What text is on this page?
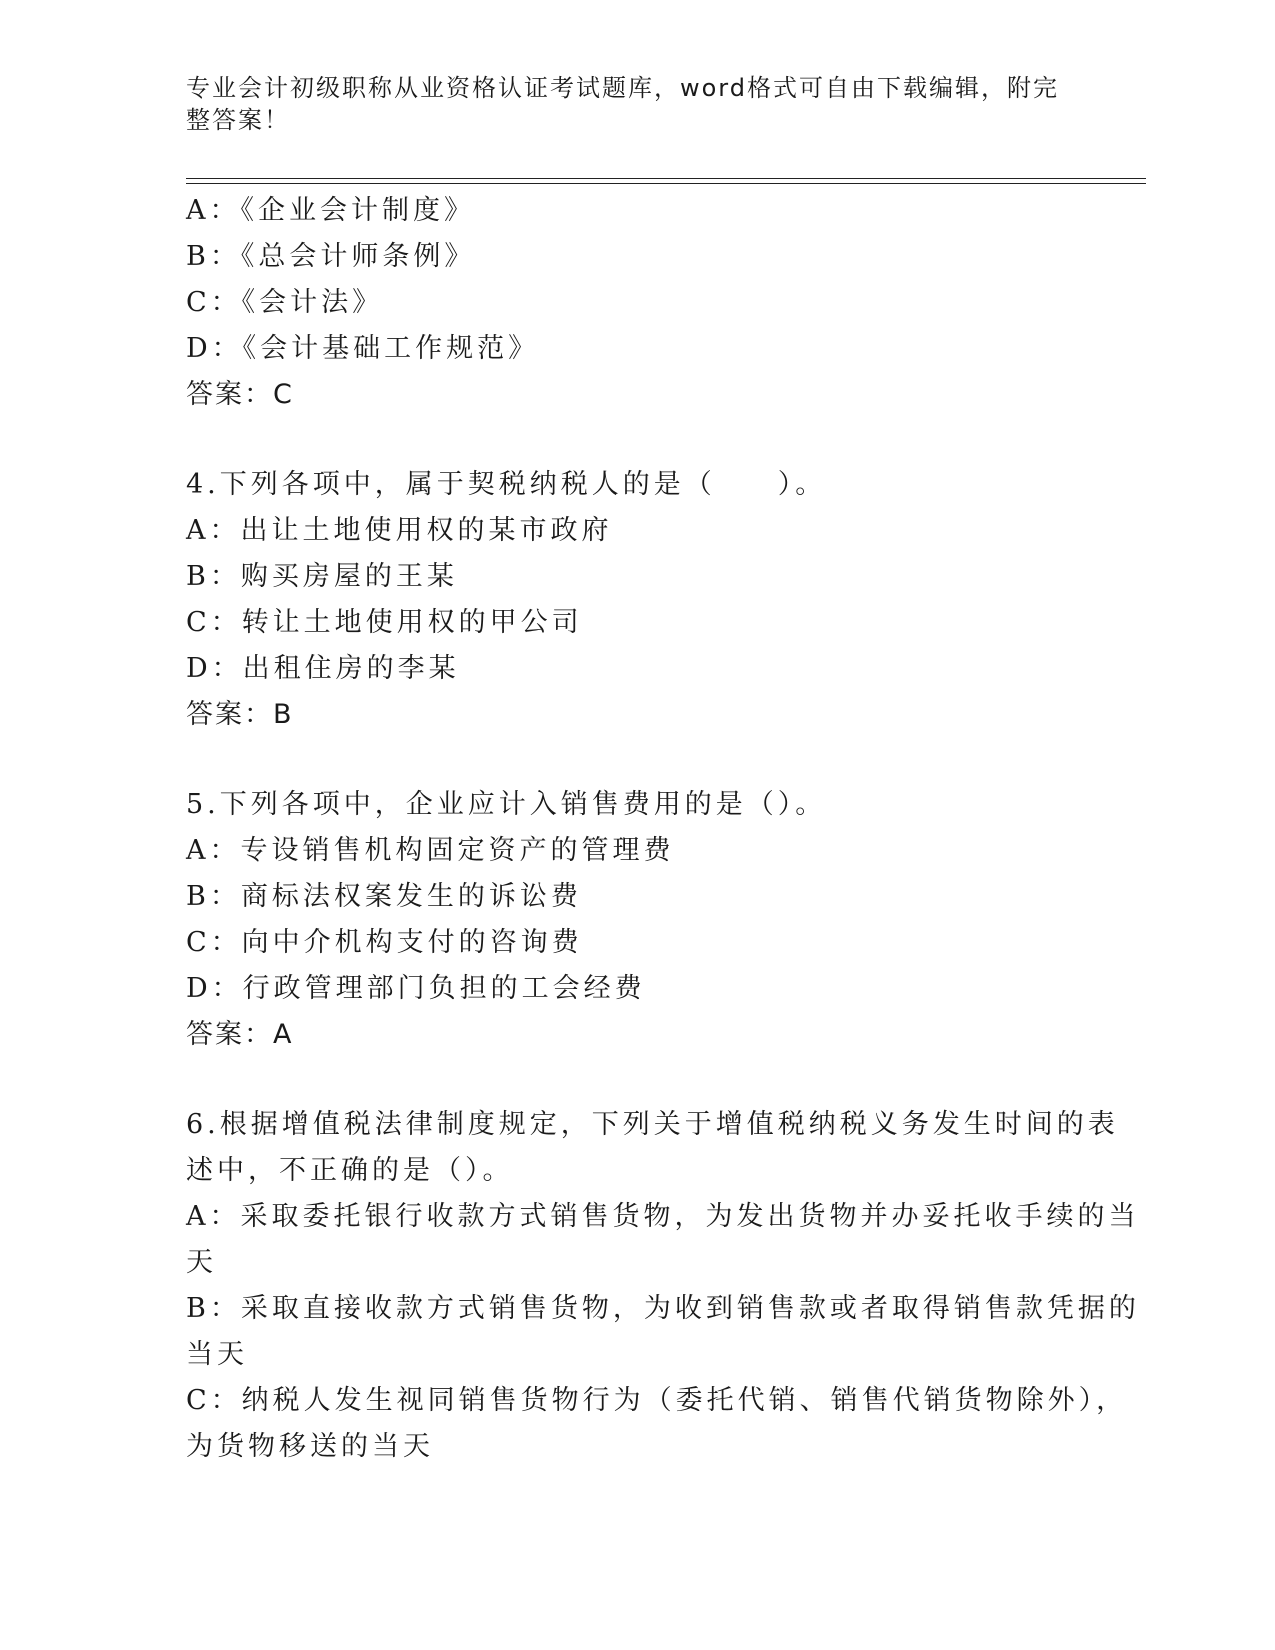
专业会计初级职称从业资格认证考试题库，word格式可自由下载编辑，附完整答案！
A：《企业会计制度》
B：《总会计师条例》
C：《会计法》
D：《会计基础工作规范》
答案：C
4.下列各项中，属于契税纳税人的是（　　）。
A：出让土地使用权的某市政府
B：购买房屋的王某
C：转让土地使用权的甲公司
D：出租住房的李某
答案：B
5.下列各项中，企业应计入销售费用的是（）。
A：专设销售机构固定资产的管理费
B：商标法权案发生的诉讼费
C：向中介机构支付的咨询费
D：行政管理部门负担的工会经费
答案：A
6.根据增值税法律制度规定，下列关于增值税纳税义务发生时间的表
述中，不正确的是（）。
A：采取委托银行收款方式销售货物，为发出货物并办妥托收手续的当
天
B：采取直接收款方式销售货物，为收到销售款或者取得销售款凭据的
当天
C：纳税人发生视同销售货物行为（委托代销、销售代销货物除外），
为货物移送的当天
